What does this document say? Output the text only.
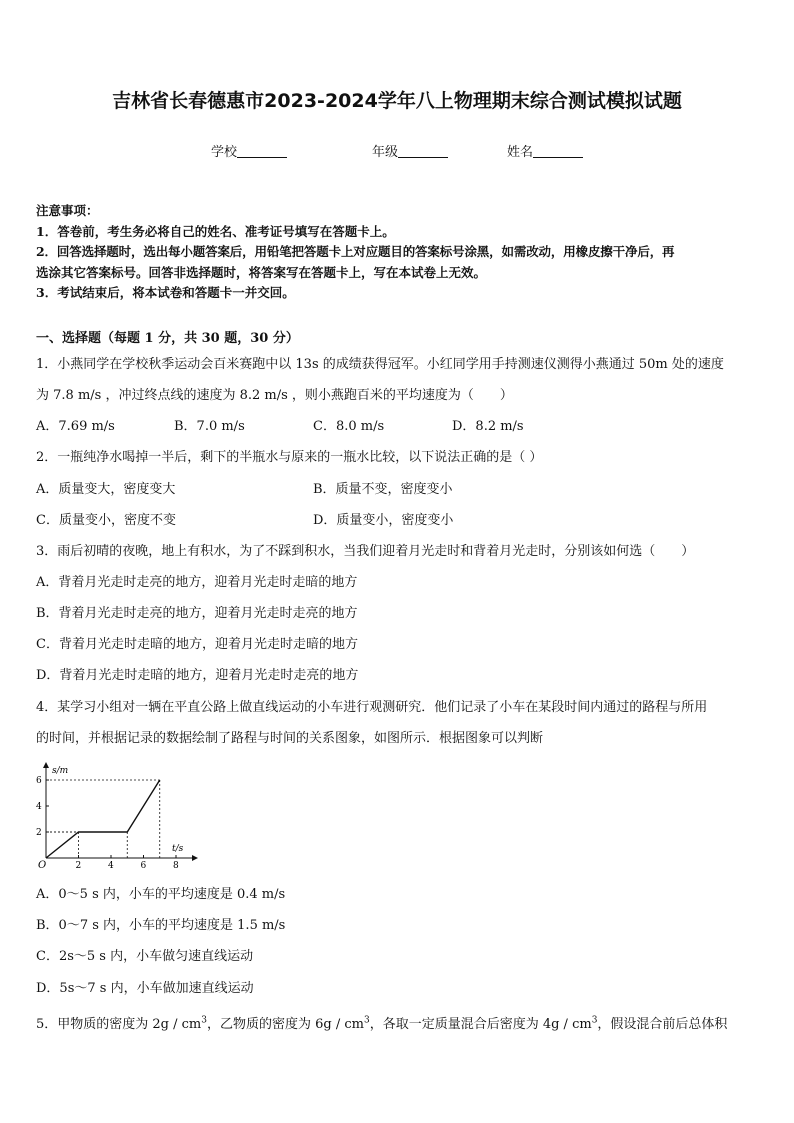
吉林省长春德惠市2023-2024学年八上物理期末综合测试模拟试题
学校	年级	姓名
注意事项：
1．答卷前，考生务必将自己的姓名、准考证号填写在答题卡上。
2．回答选择题时，选出每小题答案后，用铅笔把答题卡上对应题目的答案标号涂黑，如需改动，用橡皮擦干净后，再
选涂其它答案标号。回答非选择题时，将答案写在答题卡上，写在本试卷上无效。
3．考试结束后，将本试卷和答题卡一并交回。
一、选择题（每题 1 分，共 30 题，30 分）
1．小燕同学在学校秋季运动会百米赛跑中以 13s 的成绩获得冠军。小红同学用手持测速仪测得小燕通过 50m 处的速度
为 7.8 m/s ，冲过终点线的速度为 8.2 m/s ，则小燕跑百米的平均速度为（　　）
A．7.69 m/s	B．7.0 m/s	C．8.0 m/s	D．8.2 m/s
2．一瓶纯净水喝掉一半后，剩下的半瓶水与原来的一瓶水比较，以下说法正确的是（ ）
A．质量变大，密度变大	B．质量不变，密度变小
C．质量变小，密度不变	D．质量变小，密度变小
3．雨后初晴的夜晚，地上有积水，为了不踩到积水，当我们迎着月光走时和背着月光走时，分别该如何选（　　）
A．背着月光走时走亮的地方，迎着月光走时走暗的地方
B．背着月光走时走亮的地方，迎着月光走时走亮的地方
C．背着月光走时走暗的地方，迎着月光走时走暗的地方
D．背着月光走时走暗的地方，迎着月光走时走亮的地方
4．某学习小组对一辆在平直公路上做直线运动的小车进行观测研究．他们记录了小车在某段时间内通过的路程与所用
的时间，并根据记录的数据绘制了路程与时间的关系图象，如图所示．根据图象可以判断
s/m
t/s
O	2	4	6	8
2
4
6
A．0～5 s 内，小车的平均速度是 0.4 m/s
B．0～7 s 内，小车的平均速度是 1.5 m/s
C．2s～5 s 内，小车做匀速直线运动
D．5s～7 s 内，小车做加速直线运动
5．甲物质的密度为 $2g / cm^3$，乙物质的密度为 $6g / cm^3$，各取一定质量混合后密度为 $4g / cm^3$，假设混合前后总体积
